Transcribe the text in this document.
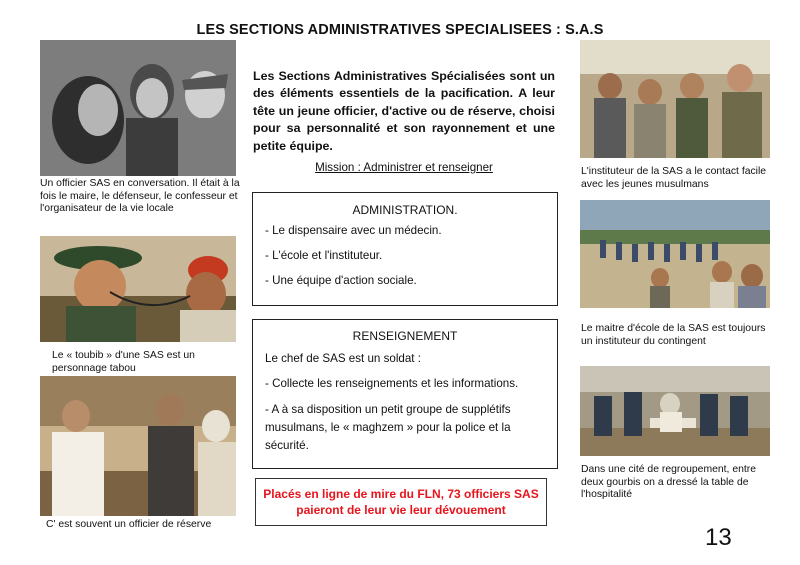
LES SECTIONS ADMINISTRATIVES SPECIALISEES : S.A.S
Un officier SAS en conversation. Il était à la fois le maire, le défenseur, le confesseur et l'organisateur de la vie locale
Le « toubib » d'une SAS est un personnage tabou
C' est souvent un officier de réserve
Les Sections Administratives Spécialisées sont un des éléments essentiels de la pacification. A leur tête un jeune officier, d'active ou de réserve, choisi pour sa personnalité et son rayonnement et une petite équipe.
Mission : Administrer et renseigner
ADMINISTRATION.
- Le dispensaire avec un médecin.
- L'école et l'instituteur.
- Une équipe d'action sociale.
RENSEIGNEMENT
Le chef de SAS est un soldat :
- Collecte les renseignements et les informations.
- A à sa disposition un petit groupe de supplétifs musulmans, le « maghzem » pour la police et la sécurité.
Placés en ligne de mire du FLN, 73 officiers SAS paieront de leur vie leur dévouement
L'instituteur de la SAS a le contact facile avec les jeunes musulmans
Le maitre d'école de la SAS est toujours un instituteur du contingent
Dans une cité de regroupement, entre deux gourbis on a dressé la table de l'hospitalité
13
